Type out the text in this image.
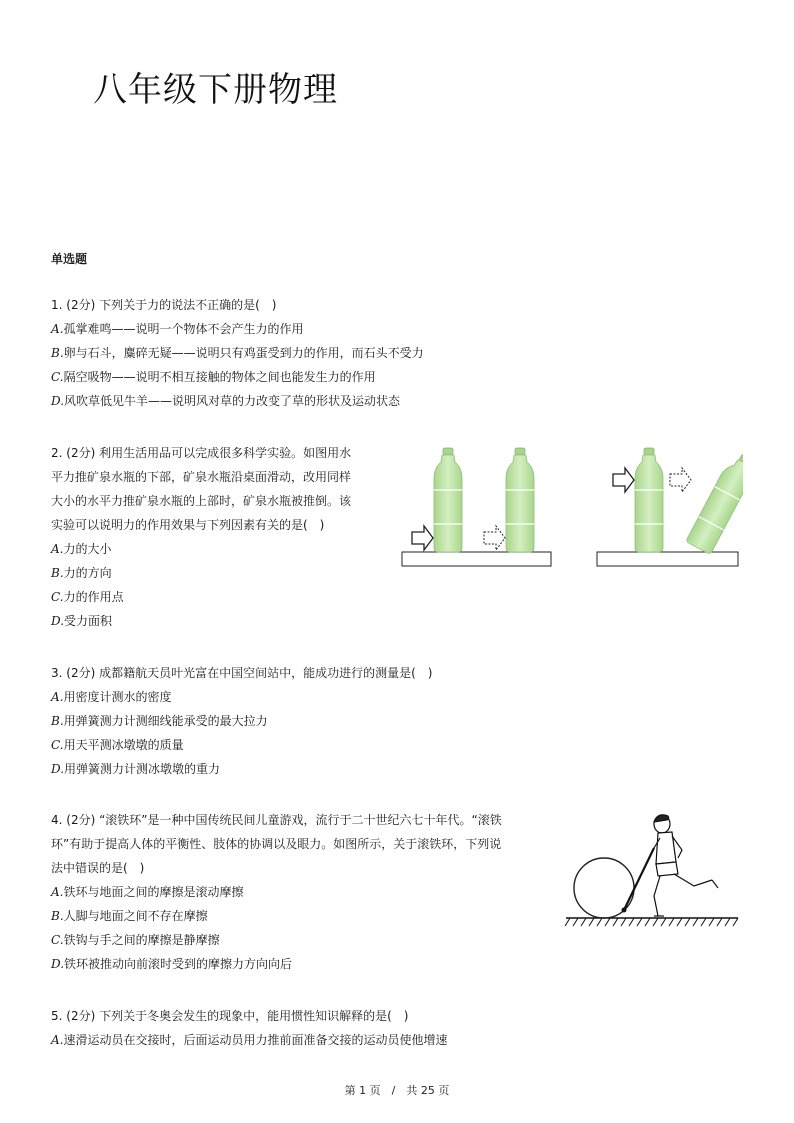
八年级下册物理
单选题
1. (2分) 下列关于力的说法不正确的是(　)
A.孤掌难鸣——说明一个物体不会产生力的作用
B.卵与石斗，麋碎无疑——说明只有鸡蛋受到力的作用，而石头不受力
C.隔空吸物——说明不相互接触的物体之间也能发生力的作用
D.风吹草低见牛羊——说明风对草的力改变了草的形状及运动状态
2. (2分) 利用生活用品可以完成很多科学实验。如图用水
平力推矿泉水瓶的下部，矿泉水瓶沿桌面滑动，改用同样
大小的水平力推矿泉水瓶的上部时，矿泉水瓶被推倒。该
实验可以说明力的作用效果与下列因素有关的是(　)
A.力的大小
B.力的方向
C.力的作用点
D.受力面积
3. (2分) 成都籍航天员叶光富在中国空间站中，能成功进行的测量是(　)
A.用密度计测水的密度
B.用弹簧测力计测细线能承受的最大拉力
C.用天平测冰墩墩的质量
D.用弹簧测力计测冰墩墩的重力
4. (2分) “滚铁环”是一种中国传统民间儿童游戏，流行于二十世纪六七十年代。“滚铁
环”有助于提高人体的平衡性、肢体的协调以及眼力。如图所示，关于滚铁环，下列说
法中错误的是(　)
A.铁环与地面之间的摩擦是滚动摩擦
B.人脚与地面之间不存在摩擦
C.铁钩与手之间的摩擦是静摩擦
D.铁环被推动向前滚时受到的摩擦力方向向后
5. (2分) 下列关于冬奥会发生的现象中，能用惯性知识解释的是(　)
A.速滑运动员在交接时，后面运动员用力推前面准备交接的运动员使他增速
第 1 页　/　共 25 页
